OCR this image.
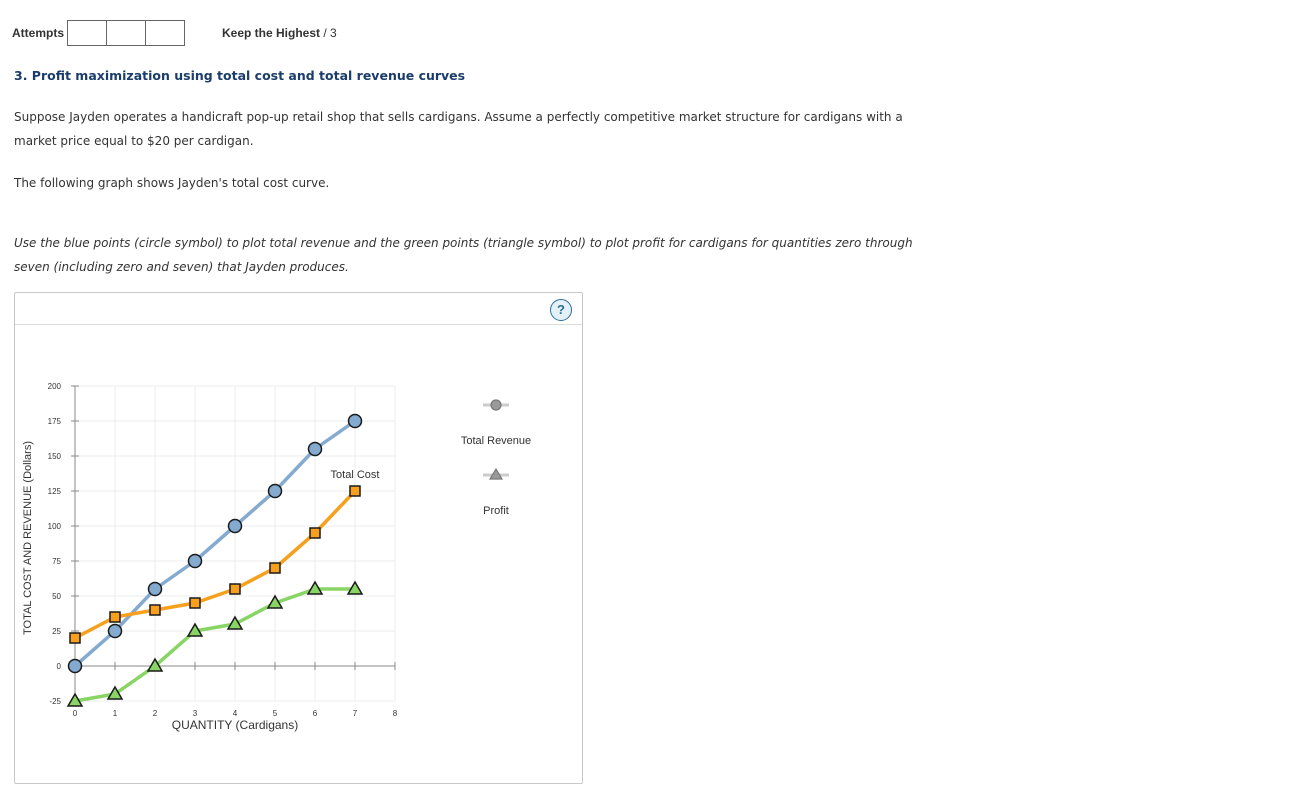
Attempts	Keep the Highest / 3
3. Profit maximization using total cost and total revenue curves
Suppose Jayden operates a handicraft pop-up retail shop that sells cardigans. Assume a perfectly competitive market structure for cardigans with a
market price equal to $20 per cardigan.
The following graph shows Jayden's total cost curve.
Use the blue points (circle symbol) to plot total revenue and the green points (triangle symbol) to plot profit for cardigans for quantities zero through
seven (including zero and seven) that Jayden produces.
?
-25
0
25
50
75
100
125
150
175
200
0	1	2	3	4	5	6	7	8
Total Cost
Total Revenue
Profit
QUANTITY (Cardigans)
TOTAL COST AND REVENUE (Dollars)
